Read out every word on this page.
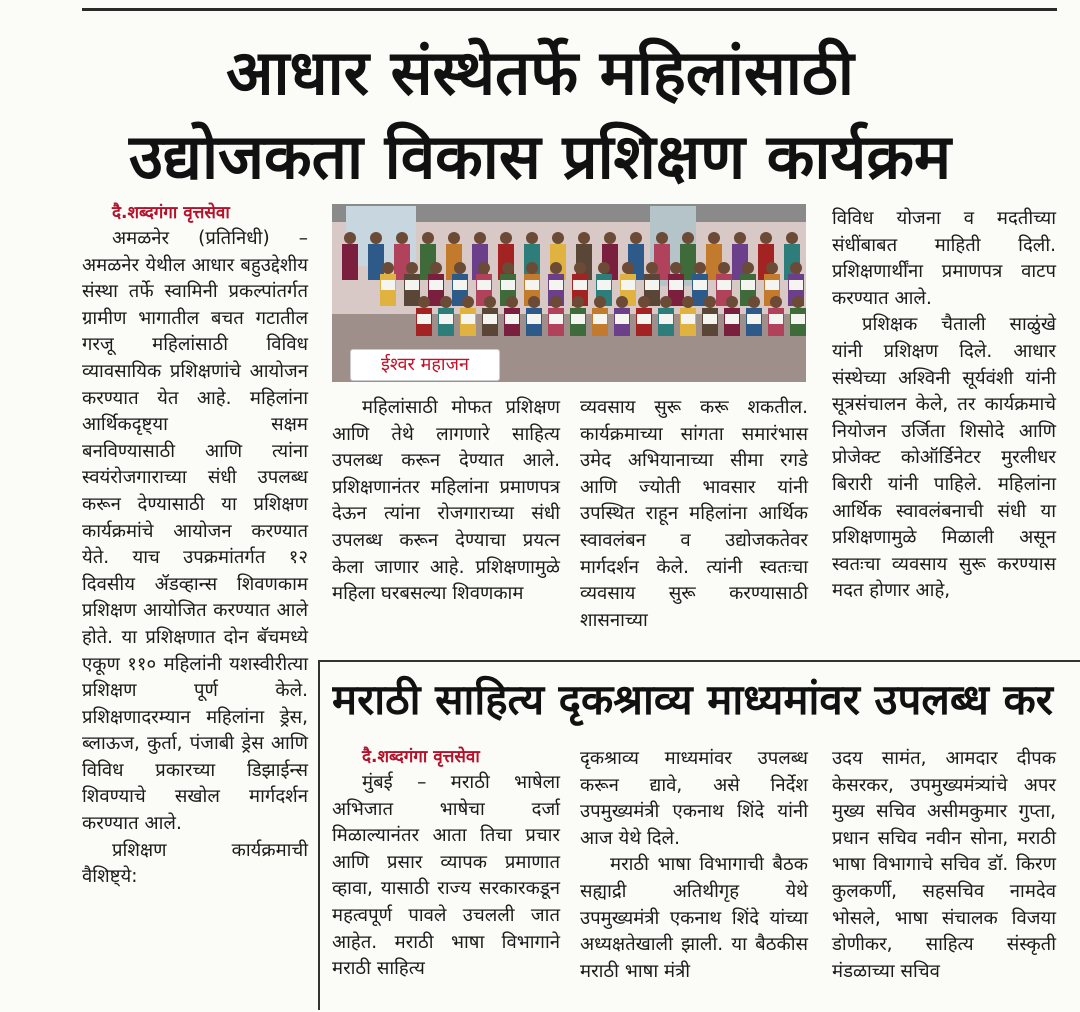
आधार संस्थेतर्फे महिलांसाठी
उद्योजकता विकास प्रशिक्षण कार्यक्रम
दै.शब्दगंगा वृत्तसेवा
अमळनेर (प्रतिनिधी) – अमळनेर येथील आधार बहुउद्देशीय संस्था तर्फे स्वामिनी प्रकल्पांतर्गत ग्रामीण भागातील बचत गटातील गरजू महिलांसाठी विविध व्यावसायिक प्रशिक्षणांचे आयोजन करण्यात येत आहे. महिलांना आर्थिकदृष्ट्या सक्षम बनविण्यासाठी आणि त्यांना स्वयंरोजगाराच्या संधी उपलब्ध करून देण्यासाठी या प्रशिक्षण कार्यक्रमांचे आयोजन करण्यात येते. याच उपक्रमांतर्गत १२ दिवसीय ॲडव्हान्स शिवणकाम प्रशिक्षण आयोजित करण्यात आले होते. या प्रशिक्षणात दोन बॅचमध्ये एकूण ११० महिलांनी यशस्वीरीत्या प्रशिक्षण पूर्ण केले. प्रशिक्षणादरम्यान महिलांना ड्रेस, ब्लाऊज, कुर्ता, पंजाबी ड्रेस आणि विविध प्रकारच्या डिझाईन्स शिवण्याचे सखोल मार्गदर्शन करण्यात आले.
प्रशिक्षण कार्यक्रमाची वैशिष्ट्ये:
ईश्वर महाजन
महिलांसाठी मोफत प्रशिक्षण आणि तेथे लागणारे साहित्य उपलब्ध करून देण्यात आले. प्रशिक्षणानंतर महिलांना प्रमाणपत्र देऊन त्यांना रोजगाराच्या संधी उपलब्ध करून देण्याचा प्रयत्न केला जाणार आहे. प्रशिक्षणामुळे महिला घरबसल्या शिवणकाम
व्यवसाय सुरू करू शकतील. कार्यक्रमाच्या सांगता समारंभास उमेद अभियानाच्या सीमा रगडे आणि ज्योती भावसार यांनी उपस्थित राहून महिलांना आर्थिक स्वावलंबन व उद्योजकतेवर मार्गदर्शन केले. त्यांनी स्वतःचा व्यवसाय सुरू करण्यासाठी शासनाच्या
विविध योजना व मदतीच्या संधींबाबत माहिती दिली. प्रशिक्षणार्थींना प्रमाणपत्र वाटप करण्यात आले.
प्रशिक्षक चैताली साळुंखे यांनी प्रशिक्षण दिले. आधार संस्थेच्या अश्विनी सूर्यवंशी यांनी सूत्रसंचालन केले, तर कार्यक्रमाचे नियोजन उर्जिता शिसोदे आणि प्रोजेक्ट कोऑर्डिनेटर मुरलीधर बिरारी यांनी पाहिले. महिलांना आर्थिक स्वावलंबनाची संधी या प्रशिक्षणामुळे मिळाली असून स्वतःचा व्यवसाय सुरू करण्यास मदत होणार आहे,
मराठी साहित्य दृकश्राव्य माध्यमांवर उपलब्ध कर
दै.शब्दगंगा वृत्तसेवा
मुंबई – मराठी भाषेला अभिजात भाषेचा दर्जा मिळाल्यानंतर आता तिचा प्रचार आणि प्रसार व्यापक प्रमाणात व्हावा, यासाठी राज्य सरकारकडून महत्वपूर्ण पावले उचलली जात आहेत. मराठी भाषा विभागाने मराठी साहित्य
दृकश्राव्य माध्यमांवर उपलब्ध करून द्यावे, असे निर्देश उपमुख्यमंत्री एकनाथ शिंदे यांनी आज येथे दिले.
मराठी भाषा विभागाची बैठक सह्याद्री अतिथीगृह येथे उपमुख्यमंत्री एकनाथ शिंदे यांच्या अध्यक्षतेखाली झाली. या बैठकीस मराठी भाषा मंत्री
उदय सामंत, आमदार दीपक केसरकर, उपमुख्यमंत्र्यांचे अपर मुख्य सचिव असीमकुमार गुप्ता, प्रधान सचिव नवीन सोना, मराठी भाषा विभागाचे सचिव डॉ. किरण कुलकर्णी, सहसचिव नामदेव भोसले, भाषा संचालक विजया डोणीकर, साहित्य संस्कृती मंडळाच्या सचिव
